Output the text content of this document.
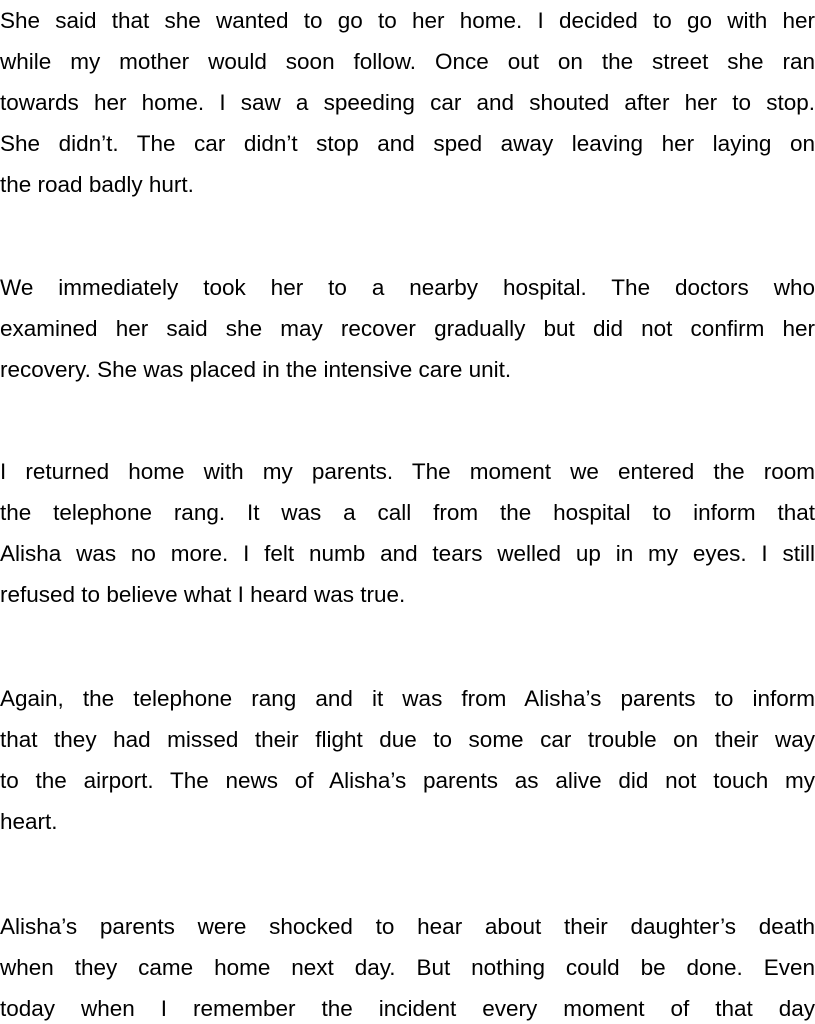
She said that she wanted to go to her home. I decided to go with her
while my mother would soon follow. Once out on the street she ran
towards her home. I saw a speeding car and shouted after her to stop.
She didn’t. The car didn’t stop and sped away leaving her laying on
the road badly hurt.
We immediately took her to a nearby hospital. The doctors who
examined her said she may recover gradually but did not confirm her
recovery. She was placed in the intensive care unit.
I returned home with my parents. The moment we entered the room
the telephone rang. It was a call from the hospital to inform that
Alisha was no more. I felt numb and tears welled up in my eyes. I still
refused to believe what I heard was true.
Again, the telephone rang and it was from Alisha’s parents to inform
that they had missed their flight due to some car trouble on their way
to the airport. The news of Alisha’s parents as alive did not touch my
heart.
Alisha’s parents were shocked to hear about their daughter’s death
when they came home next day. But nothing could be done. Even
today when I remember the incident every moment of that day
